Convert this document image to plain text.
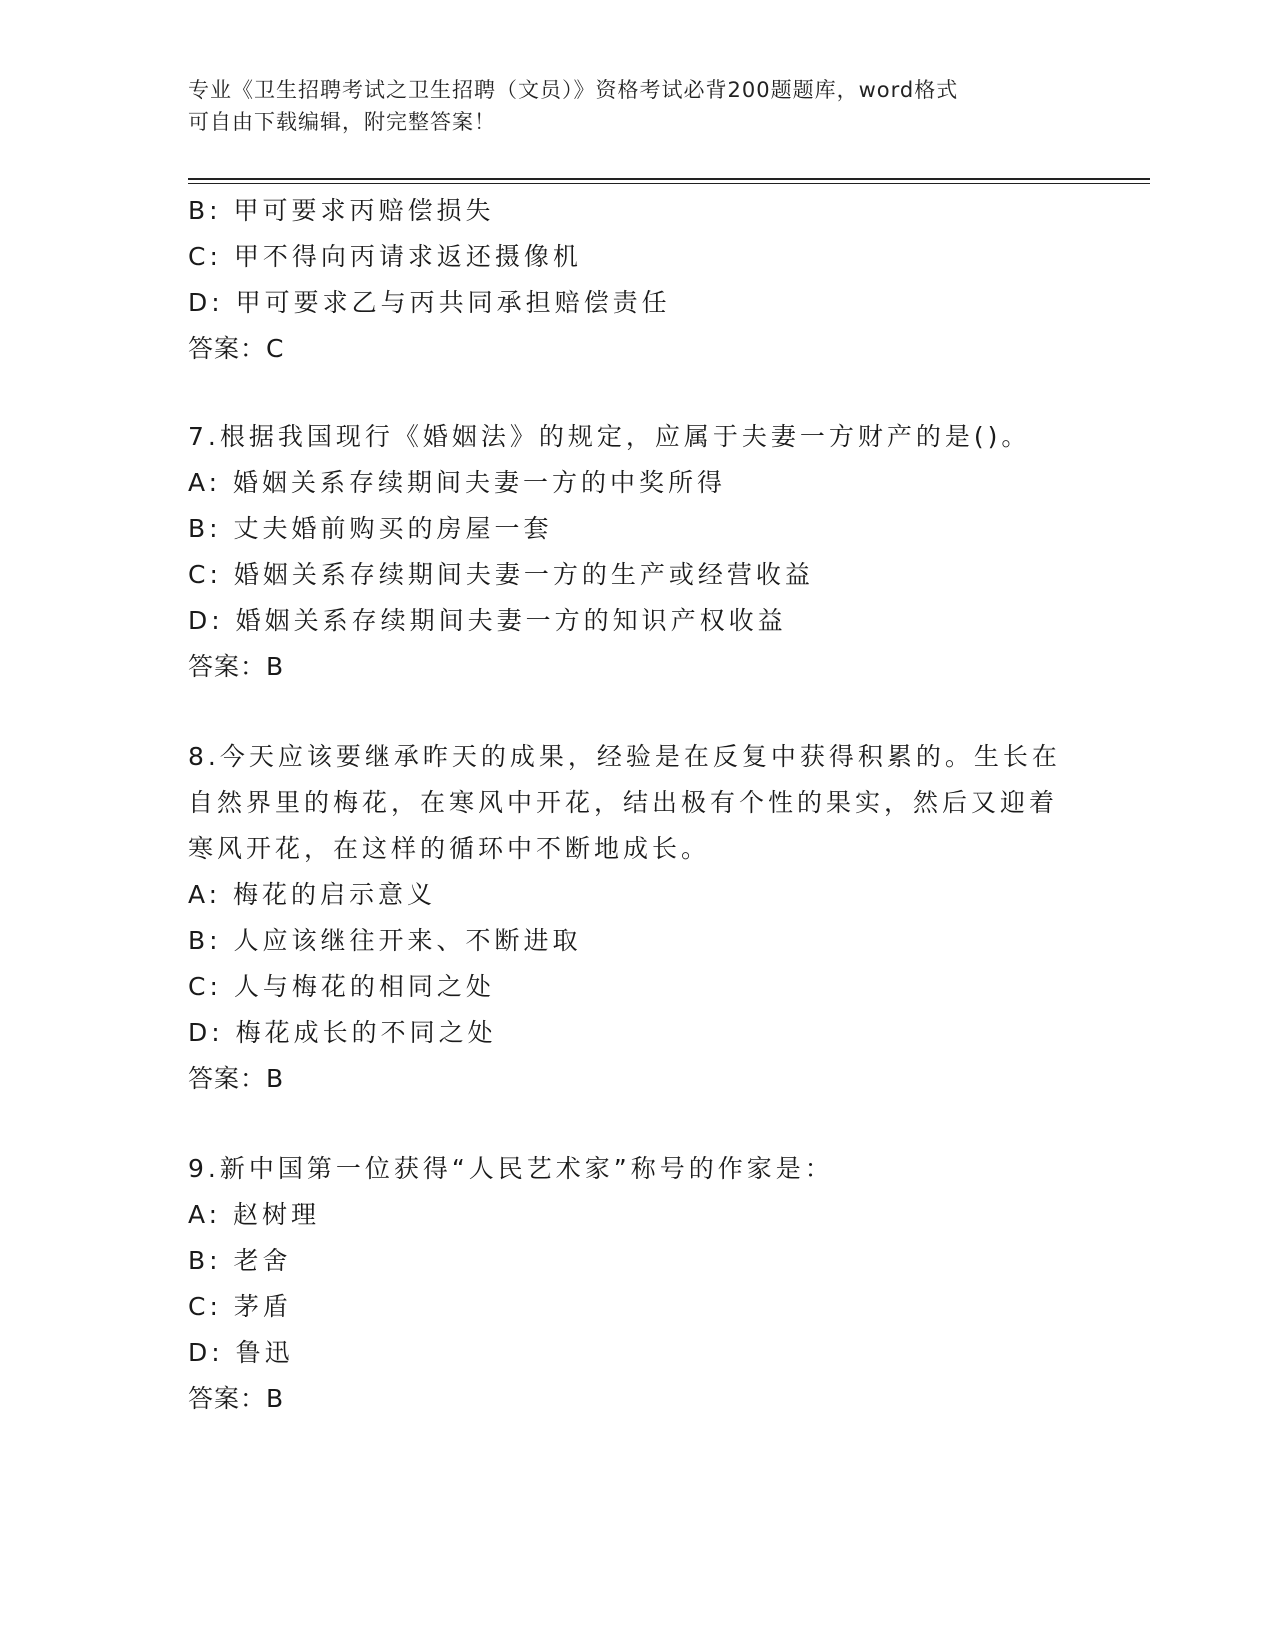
专业《卫生招聘考试之卫生招聘（文员）》资格考试必背200题题库，word格式
可自由下载编辑，附完整答案！
B: 甲可要求丙赔偿损失
C: 甲不得向丙请求返还摄像机
D: 甲可要求乙与丙共同承担赔偿责任
答案：C
7.根据我国现行《婚姻法》的规定，应属于夫妻一方财产的是()。
A: 婚姻关系存续期间夫妻一方的中奖所得
B: 丈夫婚前购买的房屋一套
C: 婚姻关系存续期间夫妻一方的生产或经营收益
D: 婚姻关系存续期间夫妻一方的知识产权收益
答案：B
8.今天应该要继承昨天的成果，经验是在反复中获得积累的。生长在
自然界里的梅花，在寒风中开花，结出极有个性的果实，然后又迎着
寒风开花，在这样的循环中不断地成长。
A: 梅花的启示意义
B: 人应该继往开来、不断进取
C: 人与梅花的相同之处
D: 梅花成长的不同之处
答案：B
9.新中国第一位获得“人民艺术家”称号的作家是：
A: 赵树理
B: 老舍
C: 茅盾
D: 鲁迅
答案：B
